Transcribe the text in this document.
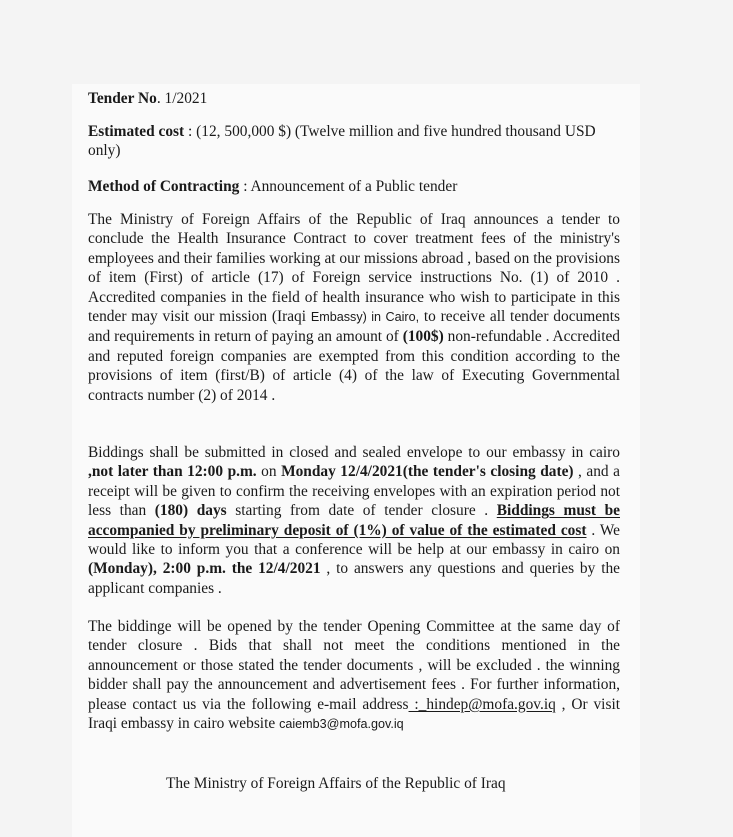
Tender No. 1/2021
Estimated cost : (12, 500,000 $) (Twelve million and five hundred thousand USD only)
Method of Contracting : Announcement of a Public tender
The Ministry of Foreign Affairs of the Republic of Iraq announces a tender to conclude the Health Insurance Contract to cover treatment fees of the ministry's employees and their families working at our missions abroad , based on the provisions of item (First) of article (17) of Foreign service instructions No. (1) of 2010 . Accredited companies in the field of health insurance who wish to participate in this tender may visit our mission (Iraqi Embassy) in Cairo, to receive all tender documents and requirements in return of paying an amount of (100$) non-refundable . Accredited and reputed foreign companies are exempted from this condition according to the provisions of item (first/B) of article (4) of the law of Executing Governmental contracts number (2) of 2014 .
Biddings shall be submitted in closed and sealed envelope to our embassy in cairo ,not later than 12:00 p.m. on Monday 12/4/2021(the tender's closing date) , and a receipt will be given to confirm the receiving envelopes with an expiration period not less than (180) days starting from date of tender closure . Biddings must be accompanied by preliminary deposit of (1%) of value of the estimated cost . We would like to inform you that a conference will be help at our embassy in cairo on (Monday), 2:00 p.m. the 12/4/2021 , to answers any questions and queries by the applicant companies .
The biddinge will be opened by the tender Opening Committee at the same day of tender closure . Bids that shall not meet the conditions mentioned in the announcement or those stated the tender documents , will be excluded . the winning bidder shall pay the announcement and advertisement fees . For further information, please contact us via the following e-mail address :_hindep@mofa.gov.iq , Or visit Iraqi embassy in cairo website caiemb3@mofa.gov.iq
The Ministry of Foreign Affairs of the Republic of Iraq
